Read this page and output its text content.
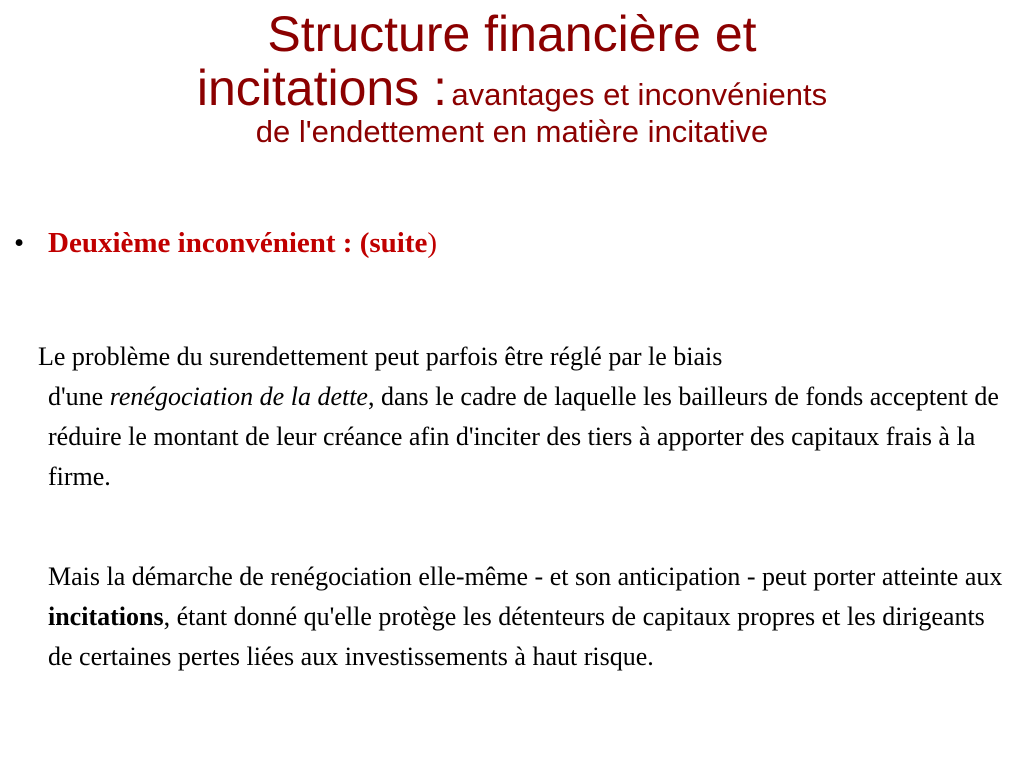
Structure financière et
incitations : avantages et inconvénients
de l'endettement en matière incitative
• Deuxième inconvénient : (suite)
Le problème du surendettement peut parfois être réglé par le biais
d'une renégociation de la dette, dans le cadre de laquelle les bailleurs de fonds acceptent de réduire le montant de leur créance afin d'inciter des tiers à apporter des capitaux frais à la firme.
Mais la démarche de renégociation elle-même - et son anticipation - peut porter atteinte aux incitations, étant donné qu'elle protège les détenteurs de capitaux propres et les dirigeants de certaines pertes liées aux investissements à haut risque.
